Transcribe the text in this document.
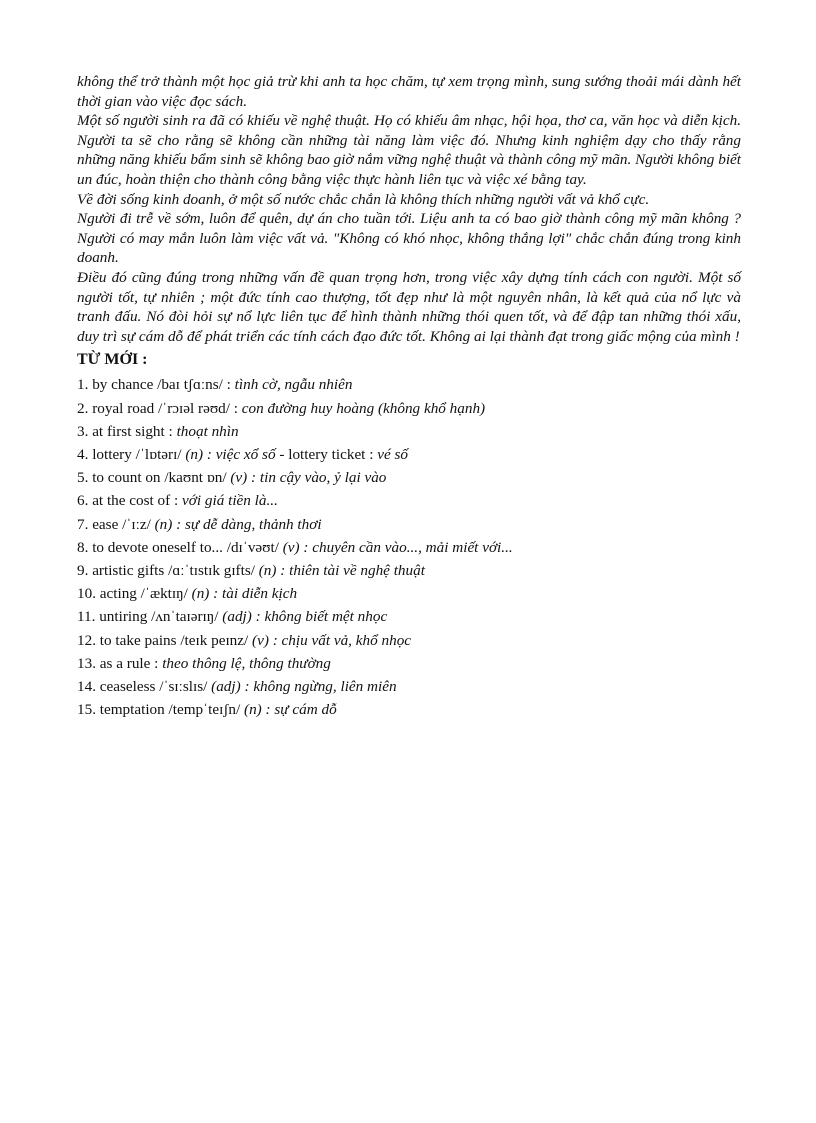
không thể trở thành một học giả trừ khi anh ta học chăm, tự xem trọng mình, sung sướng thoải mái dành hết thời gian vào việc đọc sách.

Một số người sinh ra đã có khiếu về nghệ thuật. Họ có khiếu âm nhạc, hội họa, thơ ca, văn học và diễn kịch. Người ta sẽ cho rằng sẽ không cần những tài năng làm việc đó. Nhưng kinh nghiệm dạy cho thấy rằng những năng khiếu bẩm sinh sẽ không bao giờ nắm vững nghệ thuật và thành công mỹ mãn. Người không biết un đúc, hoàn thiện cho thành công bằng việc thực hành liên tục và việc xé bằng tay.

Về đời sống kinh doanh, ở một số nước chắc chắn là không thích những người vất vả khổ cực.

Người đi trễ về sớm, luôn để quên, dự án cho tuần tới. Liệu anh ta có bao giờ thành công mỹ mãn không ? Người có may mắn luôn làm việc vất vả. "Không có khó nhọc, không thắng lợi" chắc chắn đúng trong kinh doanh.

Điều đó cũng đúng trong những vấn đề quan trọng hơn, trong việc xây dựng tính cách con người. Một số người tốt, tự nhiên ; một đức tính cao thượng, tốt đẹp như là một nguyên nhân, là kết quả của nổ lực và tranh đấu. Nó đòi hỏi sự nổ lực liên tục để hình thành những thói quen tốt, và để đập tan những thói xấu, duy trì sự cám dỗ để phát triển các tính cách đạo đức tốt. Không ai lại thành đạt trong giấc mộng của mình !

TỪ MỚI :
1. by chance /baɪ tʃɑːns/ : tình cờ, ngẫu nhiên
2. royal road /ˈrɔɪəl rəʊd/ : con đường huy hoàng (không khổ hạnh)
3. at first sight : thoạt nhìn
4. lottery /ˈlɒtərɪ/ (n) : việc xổ số - lottery ticket : vé số
5. to count on /kaʊnt ɒn/ (v) : tin cậy vào, ỷ lại vào
6. at the cost of : với giá tiền là...
7. ease /ˈɪːz/ (n) : sự dễ dàng, thảnh thơi
8. to devote oneself to... /dɪˈvəʊt/ (v) : chuyên cần vào..., mải miết với...
9. artistic gifts /ɑːˈtɪstɪk gɪfts/ (n) : thiên tài về nghệ thuật
10. acting /ˈæktɪŋ/ (n) : tài diễn kịch
11. untiring /ʌnˈtaɪərɪŋ/ (adj) : không biết mệt nhọc
12. to take pains /teɪk peɪnz/ (v) : chịu vất vả, khổ nhọc
13. as a rule : theo thông lệ, thông thường
14. ceaseless /ˈsɪːslɪs/ (adj) : không ngừng, liên miên
15. temptation /tempˈteɪʃn/ (n) : sự cám dỗ
